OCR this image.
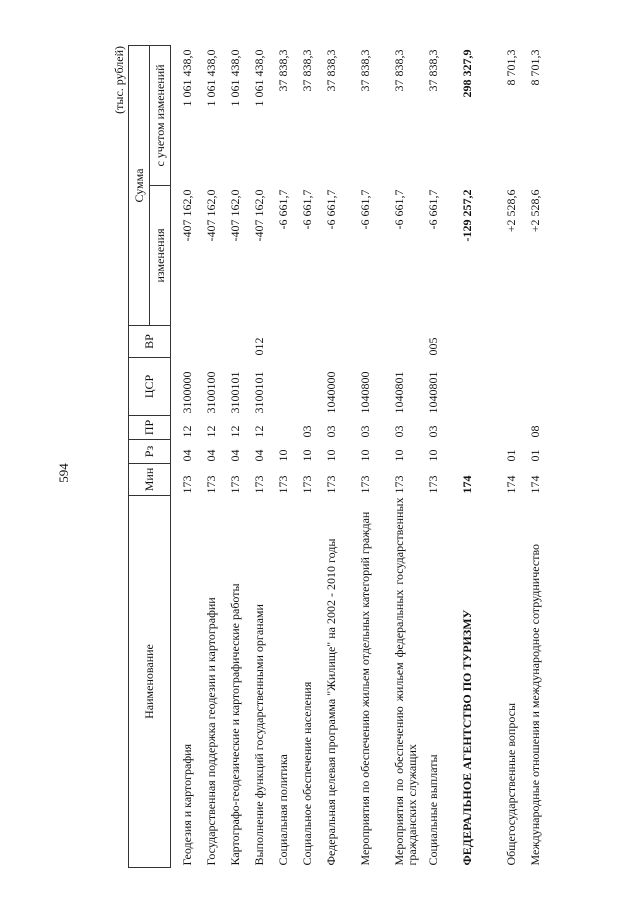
594
(тыс. рублей)
Наименование	Мин	Рз	ПР	ЦСР	ВР	Сумма	
						изменения	с учетом изменений

Геодезия и картография	173	04	12	3100000		-407 162,0	1 061 438,0
Государственная поддержка геодезии и картографии	173	04	12	3100100		-407 162,0	1 061 438,0
Картографо-геодезические и картографические работы	173	04	12	3100101		-407 162,0	1 061 438,0
Выполнение функций государственными органами	173	04	12	3100101	012	-407 162,0	1 061 438,0
Социальная политика	173	10				-6 661,7	37 838,3
Социальное обеспечение населения	173	10	03			-6 661,7	37 838,3
Федеральная целевая программа "Жилище" на 2002 - 2010 годы	173	10	03	1040000		-6 661,7	37 838,3
Мероприятия по обеспечению жильем отдельных категорий граждан	173	10	03	1040800		-6 661,7	37 838,3
Мероприятия по обеспечению жильем федеральных государственных гражданских служащих	173	10	03	1040801		-6 661,7	37 838,3
Социальные выплаты	173	10	03	1040801	005	-6 661,7	37 838,3
ФЕДЕРАЛЬНОЕ АГЕНТСТВО ПО ТУРИЗМУ	174					-129 257,2	298 327,9
Общегосударственные вопросы	174	01				+2 528,6	8 701,3
Международные отношения и международное сотрудничество	174	01	08			+2 528,6	8 701,3
